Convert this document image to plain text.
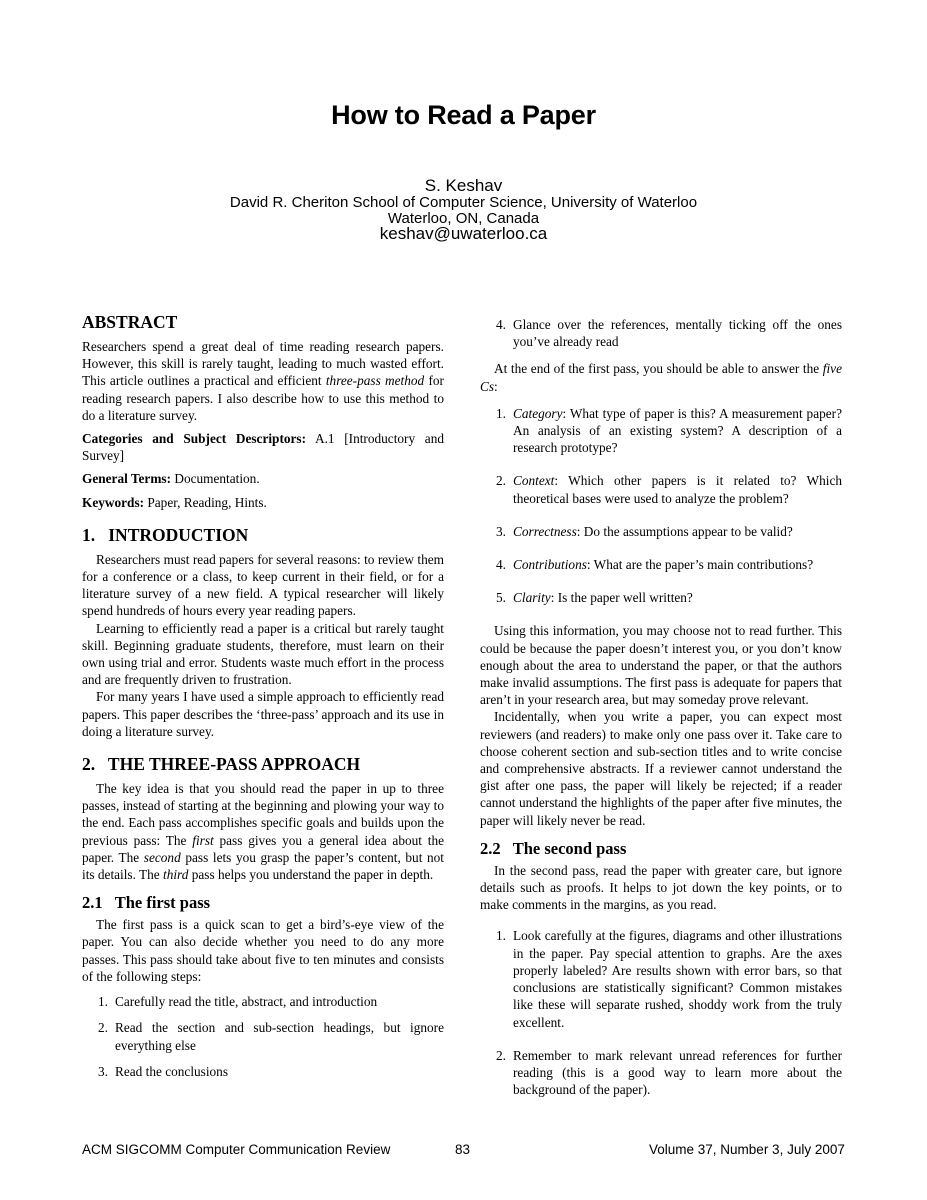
How to Read a Paper
S. Keshav
David R. Cheriton School of Computer Science, University of Waterloo
Waterloo, ON, Canada
keshav@uwaterloo.ca
ABSTRACT

Researchers spend a great deal of time reading research papers. However, this skill is rarely taught, leading to much wasted effort. This article outlines a practical and efficient three-pass method for reading research papers. I also describe how to use this method to do a literature survey.

Categories and Subject Descriptors: A.1 [Introductory and Survey]

General Terms: Documentation.

Keywords: Paper, Reading, Hints.

1.   INTRODUCTION

Researchers must read papers for several reasons: to review them for a conference or a class, to keep current in their field, or for a literature survey of a new field. A typical researcher will likely spend hundreds of hours every year reading papers.

Learning to efficiently read a paper is a critical but rarely taught skill. Beginning graduate students, therefore, must learn on their own using trial and error. Students waste much effort in the process and are frequently driven to frustration.

For many years I have used a simple approach to efficiently read papers. This paper describes the ‘three-pass’ approach and its use in doing a literature survey.

2.   THE THREE-PASS APPROACH

The key idea is that you should read the paper in up to three passes, instead of starting at the beginning and plowing your way to the end. Each pass accomplishes specific goals and builds upon the previous pass: The first pass gives you a general idea about the paper. The second pass lets you grasp the paper’s content, but not its details. The third pass helps you understand the paper in depth.

2.1   The first pass

The first pass is a quick scan to get a bird’s-eye view of the paper. You can also decide whether you need to do any more passes. This pass should take about five to ten minutes and consists of the following steps:

1. Carefully read the title, abstract, and introduction
2. Read the section and sub-section headings, but ignore everything else
3. Read the conclusions
4. Glance over the references, mentally ticking off the ones you’ve already read

At the end of the first pass, you should be able to answer the five Cs:

1. Category: What type of paper is this? A measurement paper? An analysis of an existing system? A description of a research prototype?
2. Context: Which other papers is it related to? Which theoretical bases were used to analyze the problem?
3. Correctness: Do the assumptions appear to be valid?
4. Contributions: What are the paper’s main contributions?
5. Clarity: Is the paper well written?

Using this information, you may choose not to read further. This could be because the paper doesn’t interest you, or you don’t know enough about the area to understand the paper, or that the authors make invalid assumptions. The first pass is adequate for papers that aren’t in your research area, but may someday prove relevant.

Incidentally, when you write a paper, you can expect most reviewers (and readers) to make only one pass over it. Take care to choose coherent section and sub-section titles and to write concise and comprehensive abstracts. If a reviewer cannot understand the gist after one pass, the paper will likely be rejected; if a reader cannot understand the highlights of the paper after five minutes, the paper will likely never be read.

2.2   The second pass

In the second pass, read the paper with greater care, but ignore details such as proofs. It helps to jot down the key points, or to make comments in the margins, as you read.

1. Look carefully at the figures, diagrams and other illustrations in the paper. Pay special attention to graphs. Are the axes properly labeled? Are results shown with error bars, so that conclusions are statistically significant? Common mistakes like these will separate rushed, shoddy work from the truly excellent.
2. Remember to mark relevant unread references for further reading (this is a good way to learn more about the background of the paper).
ACM SIGCOMM Computer Communication Review	83	Volume 37, Number 3, July 2007
